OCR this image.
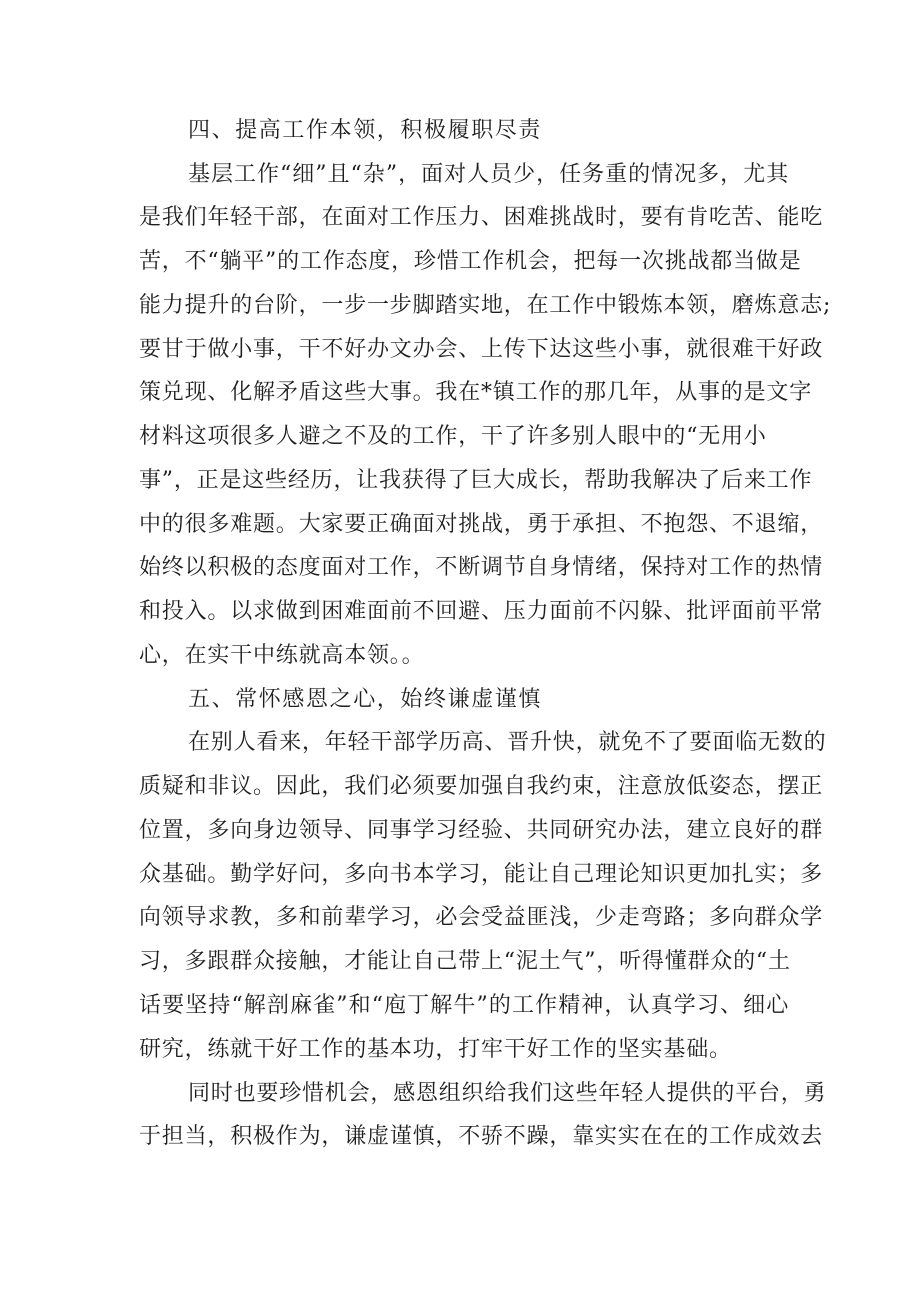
四、提高工作本领，积极履职尽责
基层工作“细”且“杂”，面对人员少，任务重的情况多，尤其
是我们年轻干部，在面对工作压力、困难挑战时，要有肯吃苦、能吃
苦，不“躺平”的工作态度，珍惜工作机会，把每一次挑战都当做是
能力提升的台阶，一步一步脚踏实地，在工作中锻炼本领，磨炼意志;
要甘于做小事，干不好办文办会、上传下达这些小事，就很难干好政
策兑现、化解矛盾这些大事。我在*镇工作的那几年，从事的是文字
材料这项很多人避之不及的工作，干了许多别人眼中的“无用小
事”，正是这些经历，让我获得了巨大成长，帮助我解决了后来工作
中的很多难题。大家要正确面对挑战，勇于承担、不抱怨、不退缩，
始终以积极的态度面对工作，不断调节自身情绪，保持对工作的热情
和投入。以求做到困难面前不回避、压力面前不闪躲、批评面前平常
心，在实干中练就高本领。。
五、常怀感恩之心，始终谦虚谨慎
在别人看来，年轻干部学历高、晋升快，就免不了要面临无数的
质疑和非议。因此，我们必须要加强自我约束，注意放低姿态，摆正
位置，多向身边领导、同事学习经验、共同研究办法，建立良好的群
众基础。勤学好问，多向书本学习，能让自己理论知识更加扎实；多
向领导求教，多和前辈学习，必会受益匪浅，少走弯路；多向群众学
习，多跟群众接触，才能让自己带上“泥土气”，听得懂群众的“土
话要坚持“解剖麻雀”和“庖丁解牛”的工作精神，认真学习、细心
研究，练就干好工作的基本功，打牢干好工作的坚实基础。
同时也要珍惜机会，感恩组织给我们这些年轻人提供的平台，勇
于担当，积极作为，谦虚谨慎，不骄不躁，靠实实在在的工作成效去
